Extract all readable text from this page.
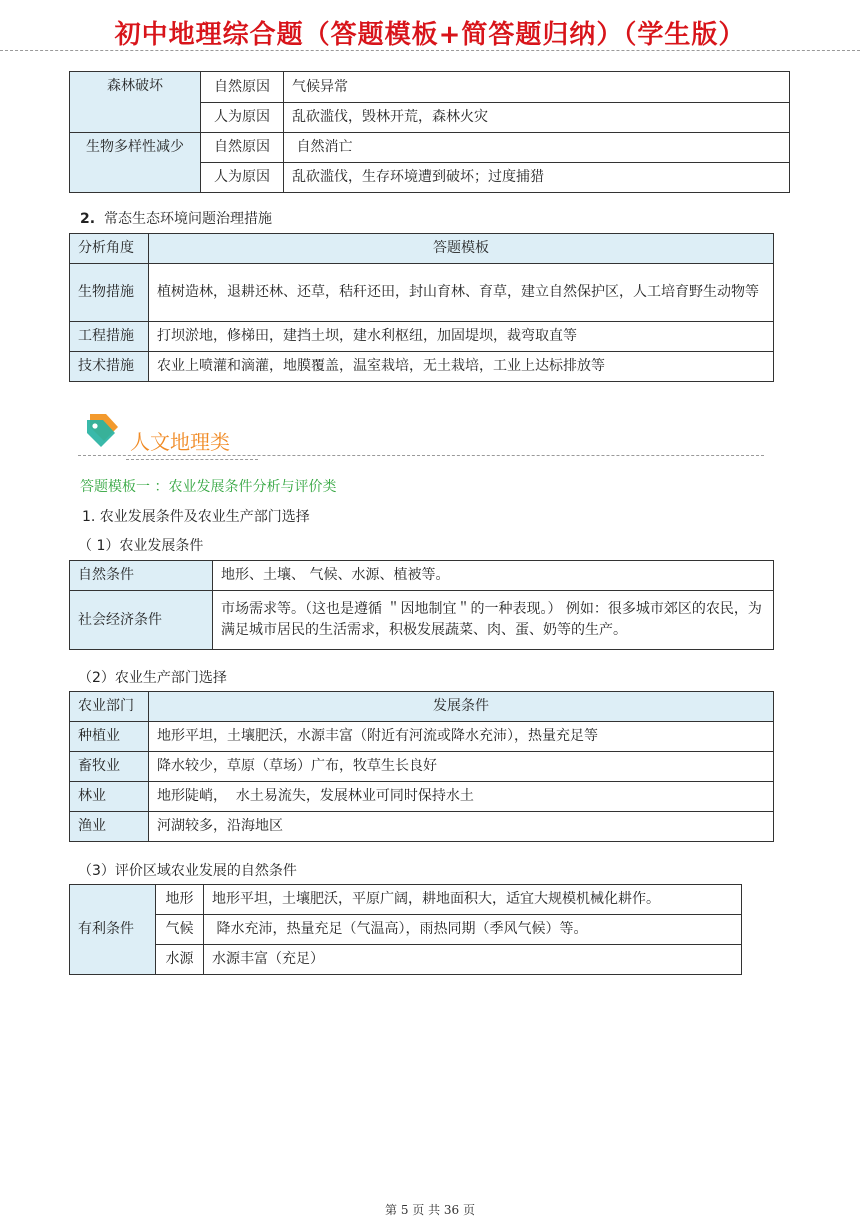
初中地理综合题（答题模板+简答题归纳）（学生版）
森林破坏	自然原因	气候异常
	人为原因	乱砍滥伐，毁林开荒，森林火灾
生物多样性减少	自然原因	自然消亡
	人为原因	乱砍滥伐，生存环境遭到破坏；过度捕猎
2. 常态生态环境问题治理措施
分析角度	答题模板
生物措施	植树造林，退耕还林、还草，秸秆还田，封山育林、育草，建立自然保护区，人工培育野生动物等
工程措施	打坝淤地，修梯田，建挡土坝，建水利枢纽，加固堤坝，裁弯取直等
技术措施	农业上喷灌和滴灌，地膜覆盖，温室栽培，无土栽培，工业上达标排放等
人文地理类
答题模板一 ：农业发展条件分析与评价类
1. 农业发展条件及农业生产部门选择
（ 1）农业发展条件
自然条件	地形、土壤、 气候、水源、植被等。
社会经济条件	市场需求等。（这也是遵循 ＂因地制宜＂的一种表现。） 例如：很多城市郊区的农民，为满足城市居民的生活需求，积极发展蔬菜、肉、蛋、奶等的生产。
（2）农业生产部门选择
农业部门	发展条件
种植业	地形平坦，土壤肥沃，水源丰富（附近有河流或降水充沛），热量充足等
畜牧业	降水较少，草原（草场）广布，牧草生长良好
林业	地形陡峭，  水土易流失，发展林业可同时保持水土
渔业	河湖较多，沿海地区
（3）评价区域农业发展的自然条件
有利条件	地形	地形平坦，土壤肥沃，平原广阔，耕地面积大，适宜大规模机械化耕作。
	气候	降水充沛，热量充足（气温高），雨热同期（季风气候）等。
	水源	水源丰富（充足）
第 5 页 共 36 页
